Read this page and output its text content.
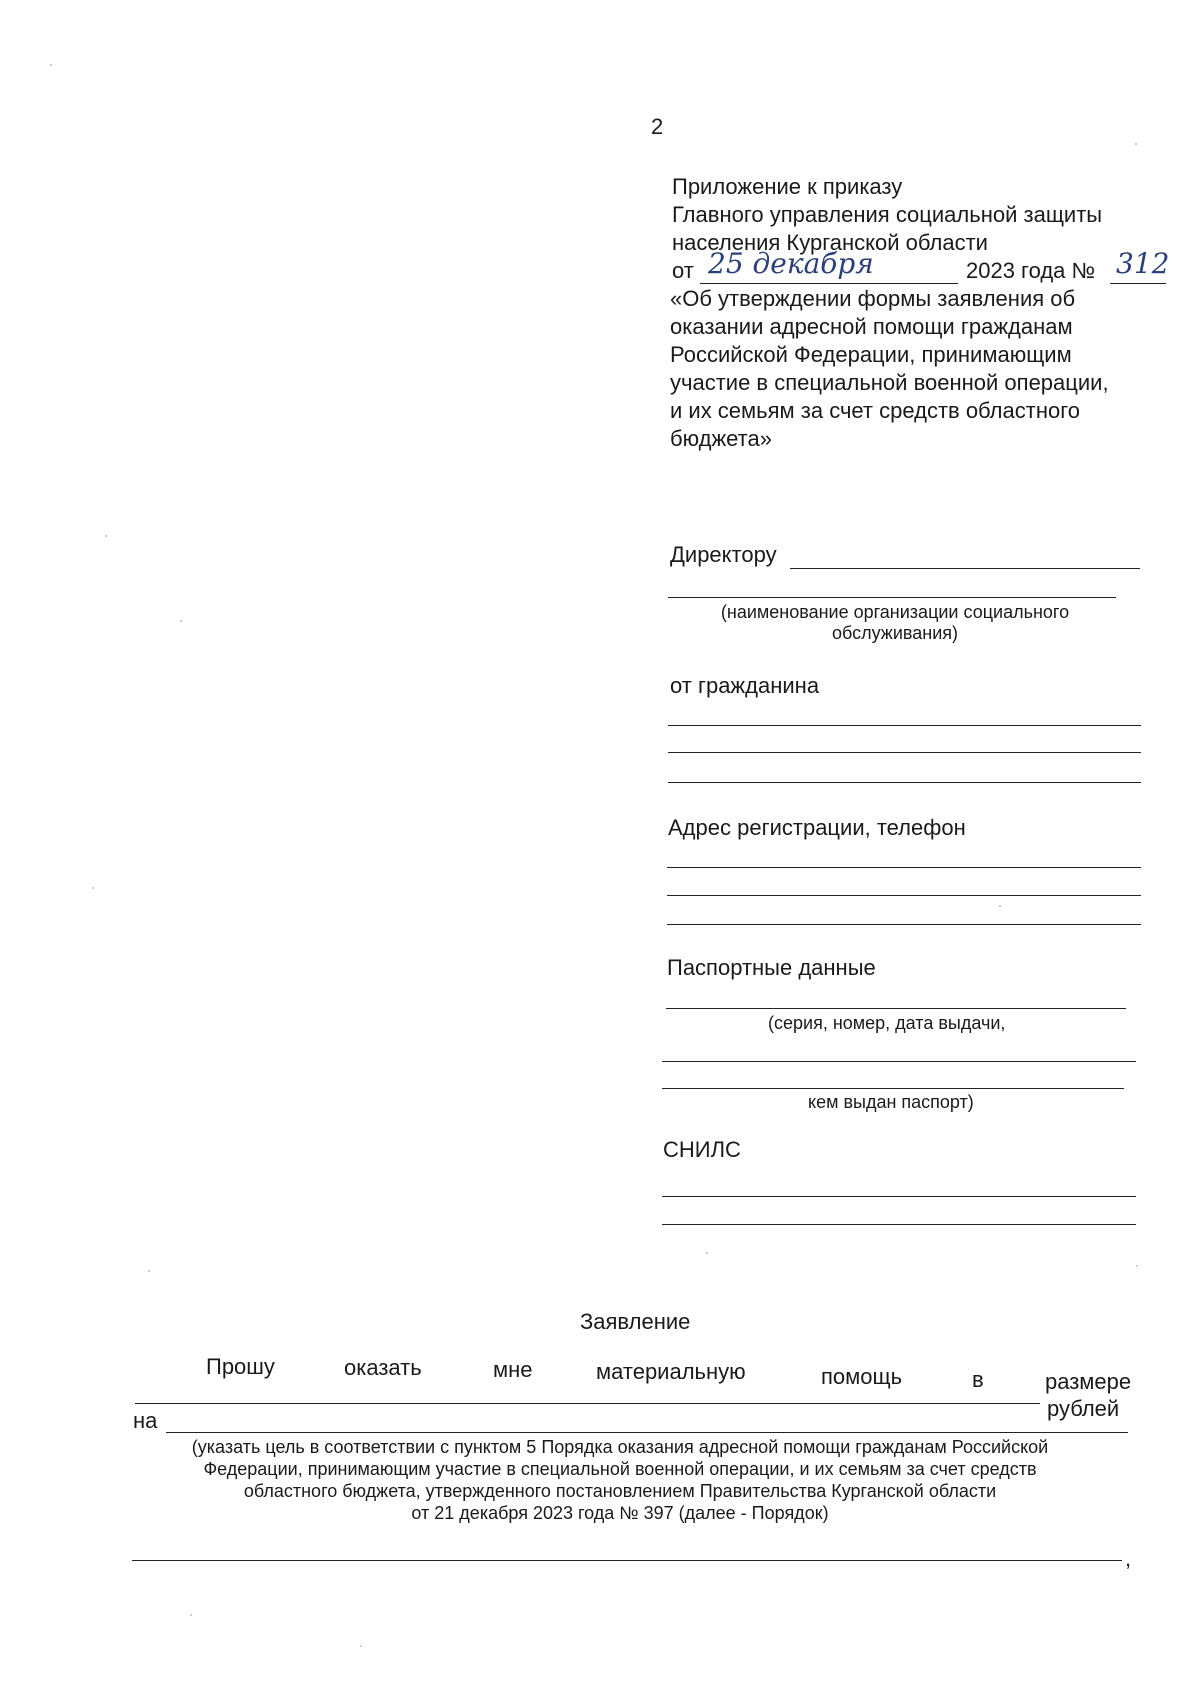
2
Приложение к приказу
Главного управления социальной защиты
населения Курганской области
от 25 декабря	2023 года № 312
«Об утверждении формы заявления об
оказании адресной помощи гражданам
Российской Федерации, принимающим
участие в специальной военной операции,
и их семьям за счет средств областного
бюджета»
Директору
(наименование организации социального
обслуживания)
от гражданина
Адрес регистрации, телефон
Паспортные данные
(серия, номер, дата выдачи,
кем выдан паспорт)
СНИЛС
Заявление
Прошу	оказать	мне	материальную	помощь	в	размере
рублей
на
(указать цель в соответствии с пунктом 5 Порядка оказания адресной помощи гражданам Российской
Федерации, принимающим участие в специальной военной операции, и их семьям за счет средств
областного бюджета, утвержденного постановлением Правительства Курганской области
от 21 декабря 2023 года № 397 (далее - Порядок)
,
